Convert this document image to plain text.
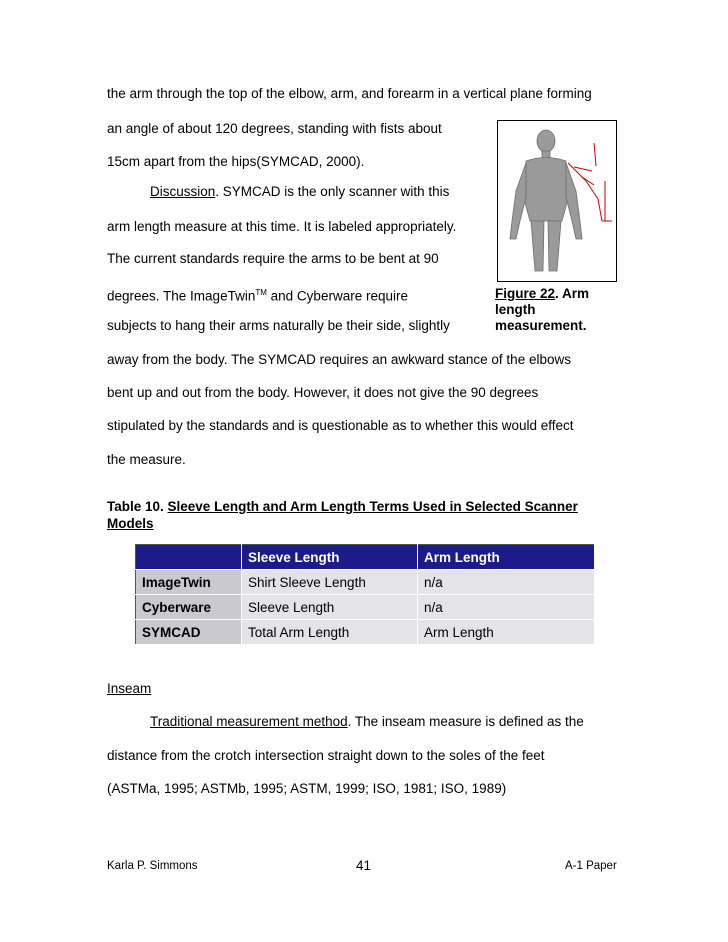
the arm through the top of the elbow, arm, and forearm in a vertical plane forming
an angle of about 120 degrees, standing with fists about
15cm apart from the hips(SYMCAD, 2000).
Discussion. SYMCAD is the only scanner with this
arm length measure at this time. It is labeled appropriately.
The current standards require the arms to be bent at 90
degrees. The ImageTwin™ and Cyberware require
subjects to hang their arms naturally be their side, slightly
away from the body. The SYMCAD requires an awkward stance of the elbows
bent up and out from the body. However, it does not give the 90 degrees
stipulated by the standards and is questionable as to whether this would effect
the measure.
Figure 22. Arm length measurement.
Table 10. Sleeve Length and Arm Length Terms Used in Selected Scanner Models
	Sleeve Length	Arm Length
ImageTwin	Shirt Sleeve Length	n/a
Cyberware	Sleeve Length	n/a
SYMCAD	Total Arm Length	Arm Length
Inseam
Traditional measurement method. The inseam measure is defined as the
distance from the crotch intersection straight down to the soles of the feet
(ASTMa, 1995; ASTMb, 1995; ASTM, 1999; ISO, 1981; ISO, 1989)
Karla P. Simmons	41	A-1 Paper
